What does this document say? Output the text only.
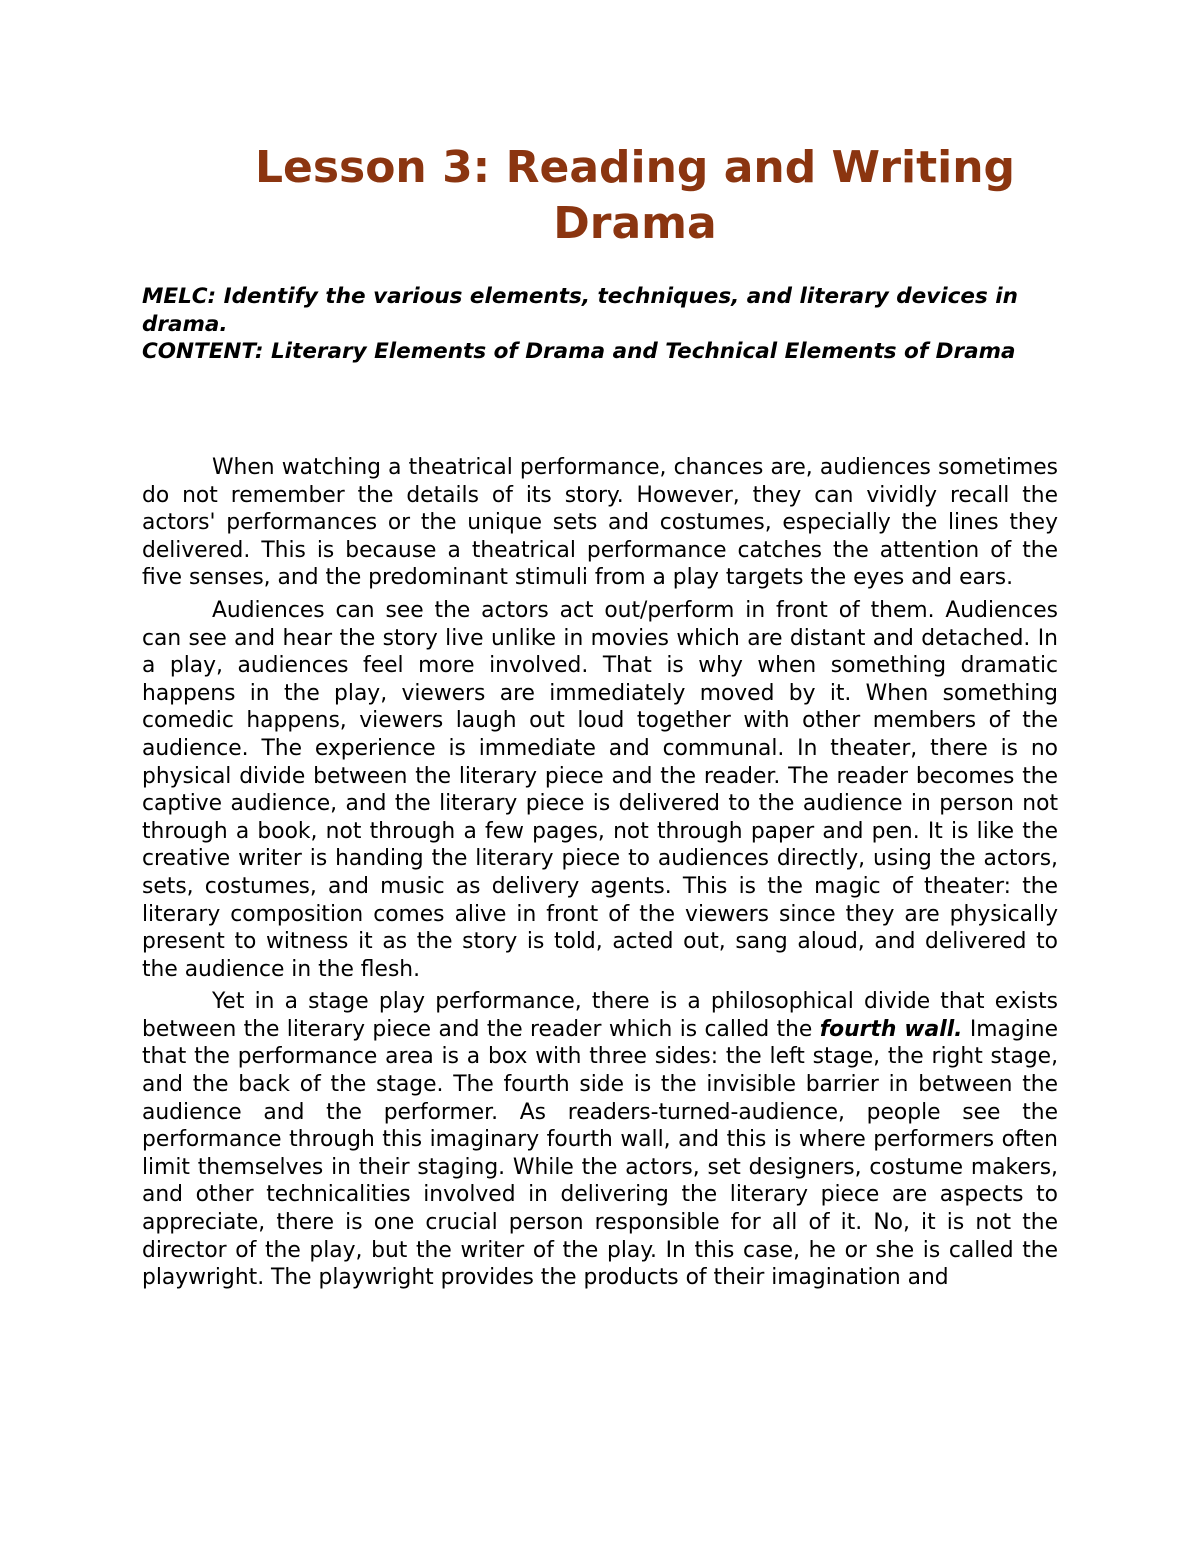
Lesson 3: Reading and Writing
Drama

MELC: Identify the various elements, techniques, and literary devices in drama.

CONTENT: Literary Elements of Drama and Technical Elements of Drama

When watching a theatrical performance, chances are, audiences sometimes do not remember the details of its story. However, they can vividly recall the actors' performances or the unique sets and costumes, especially the lines they delivered. This is because a theatrical performance catches the attention of the five senses, and the predominant stimuli from a play targets the eyes and ears.

Audiences can see the actors act out/perform in front of them. Audiences can see and hear the story live unlike in movies which are distant and detached. In a play, audiences feel more involved. That is why when something dramatic happens in the play, viewers are immediately moved by it. When something comedic happens, viewers laugh out loud together with other members of the audience. The experience is immediate and communal. In theater, there is no physical divide between the literary piece and the reader. The reader becomes the captive audience, and the literary piece is delivered to the audience in person not through a book, not through a few pages, not through paper and pen. It is like the creative writer is handing the literary piece to audiences directly, using the actors, sets, costumes, and music as delivery agents. This is the magic of theater: the literary composition comes alive in front of the viewers since they are physically present to witness it as the story is told, acted out, sang aloud, and delivered to the audience in the flesh.

Yet in a stage play performance, there is a philosophical divide that exists between the literary piece and the reader which is called the fourth wall. Imagine that the performance area is a box with three sides: the left stage, the right stage, and the back of the stage. The fourth side is the invisible barrier in between the audience and the performer. As readers-turned-audience, people see the performance through this imaginary fourth wall, and this is where performers often limit themselves in their staging. While the actors, set designers, costume makers, and other technicalities involved in delivering the literary piece are aspects to appreciate, there is one crucial person responsible for all of it. No, it is not the director of the play, but the writer of the play. In this case, he or she is called the playwright. The playwright provides the products of their imagination and
